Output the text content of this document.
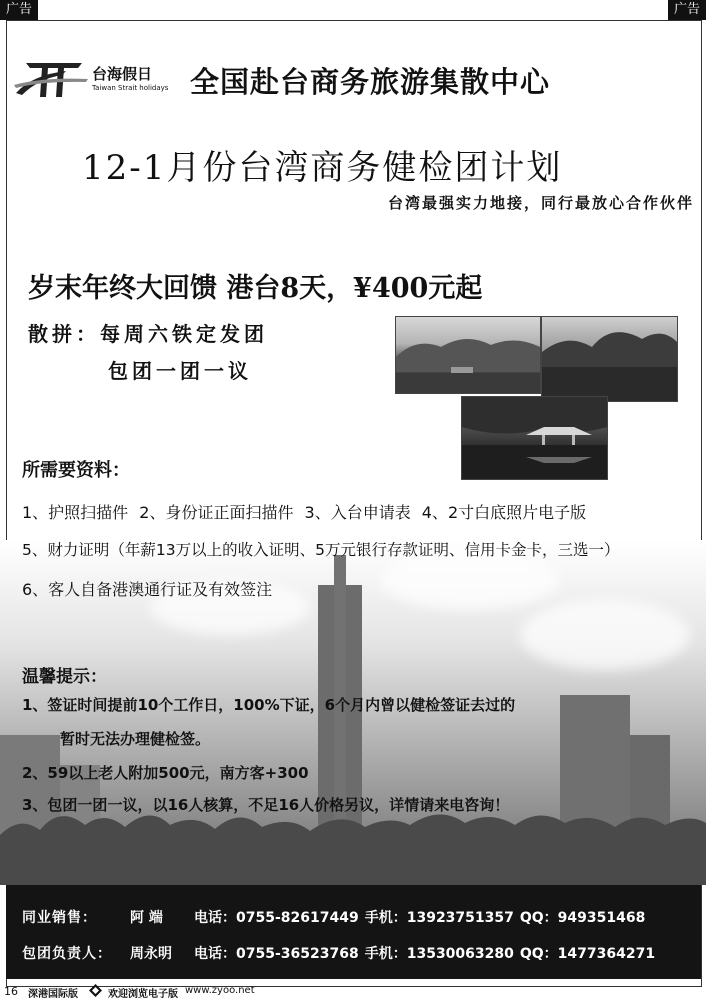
广告	广告
台海假日
Taiwan Strait holidays 全国赴台商务旅游集散中心
12-1月份台湾商务健检团计划
台湾最强实力地接，同行最放心合作伙伴
岁末年终大回馈 港台8天，¥400元起
散拼：每周六铁定发团
包团一团一议
所需要资料：
1、护照扫描件 2、身份证正面扫描件 3、入台申请表 4、2寸白底照片电子版
5、财力证明（年薪13万以上的收入证明、5万元银行存款证明、信用卡金卡，三选一）
6、客人自备港澳通行证及有效签注
温馨提示：
1、签证时间提前10个工作日，100%下证，6个月内曾以健检签证去过的
暂时无法办理健检签。
2、59以上老人附加500元，南方客+300
3、包团一团一议，以16人核算，不足16人价格另议，详情请来电咨询！
同业销售： 阿 端 电话：0755-82617449 手机：13923751357 QQ：949351468
包团负责人： 周永明 电话：0755-36523768 手机：13530063280 QQ：1477364271
16 深港国际版	欢迎浏览电子版 www.zyoo.net
